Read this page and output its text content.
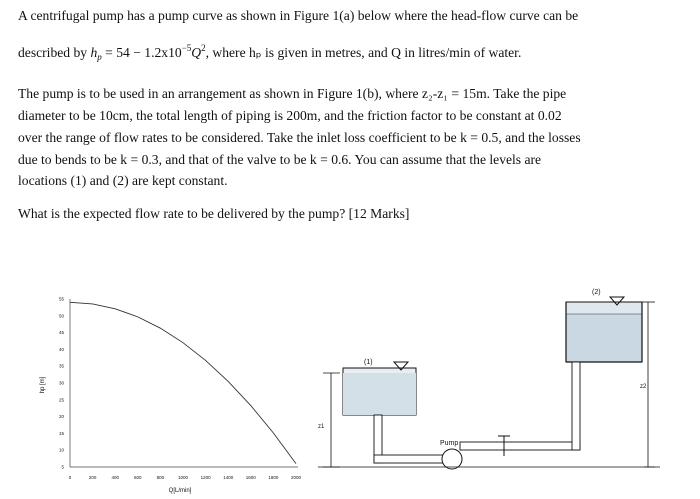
A centrifugal pump has a pump curve as shown in Figure 1(a) below where the head-flow curve can be
described by $h_p = 54 - 1.2x10^{-5}Q^2$, where hₚ is given in metres, and Q in litres/min of water.
The pump is to be used in an arrangement as shown in Figure 1(b), where z₂-z₁ = 15m. Take the pipe
diameter to be 10cm, the total length of piping is 200m, and the friction factor to be constant at 0.02
over the range of flow rates to be considered. Take the inlet loss coefficient to be k = 0.5, and the losses
due to bends to be k = 0.3, and that of the valve to be k = 0.6. You can assume that the levels are
locations (1) and (2) are kept constant.
What is the expected flow rate to be delivered by the pump? [12 Marks]
0	200	400	600	800	1000	1200	1400	1600	1800	2000
55
50
45
40
35
30
25
20
15
10
5
Q[L/min]
hp [m]
(2)
z2
(1)
z1
Pump
